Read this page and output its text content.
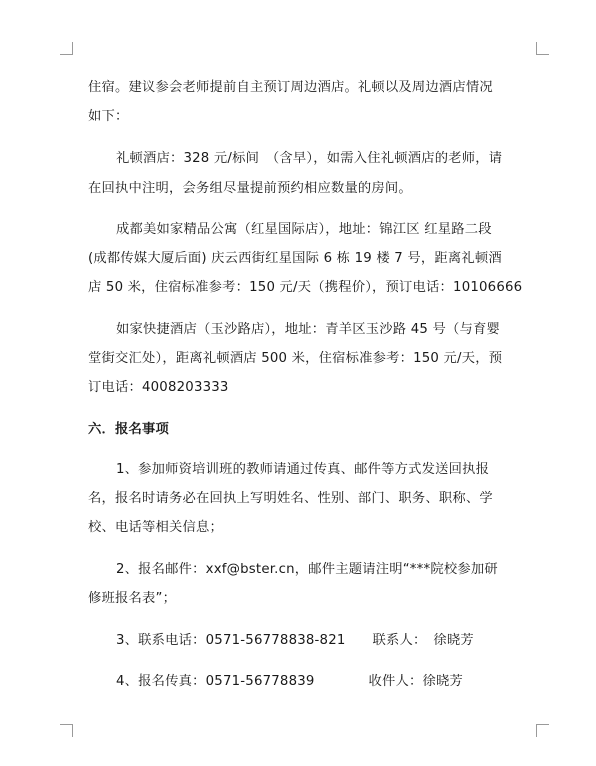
住宿。建议参会老师提前自主预订周边酒店。礼顿以及周边酒店情况
如下：
礼顿酒店：328 元/标间　（含早），如需入住礼顿酒店的老师，请
在回执中注明，会务组尽量提前预约相应数量的房间。
成都美如家精品公寓（红星国际店），地址：锦江区 红星路二段
(成都传媒大厦后面) 庆云西街红星国际 6 栋 19 楼 7 号，距离礼顿酒
店 50 米，住宿标准参考：150 元/天（携程价），预订电话：10106666
如家快捷酒店（玉沙路店），地址：青羊区玉沙路 45 号（与育婴
堂街交汇处），距离礼顿酒店 500 米，住宿标准参考：150 元/天，预
订电话：4008203333
六．报名事项
1、参加师资培训班的教师请通过传真、邮件等方式发送回执报
名，报名时请务必在回执上写明姓名、性别、部门、职务、职称、学
校、电话等相关信息；
2、报名邮件：xxf@bster.cn，邮件主题请注明“***院校参加研
修班报名表”；
3、联系电话：0571-56778838-821　　联系人：　徐晓芳
4、报名传真：0571-56778839　　　　收件人：徐晓芳
